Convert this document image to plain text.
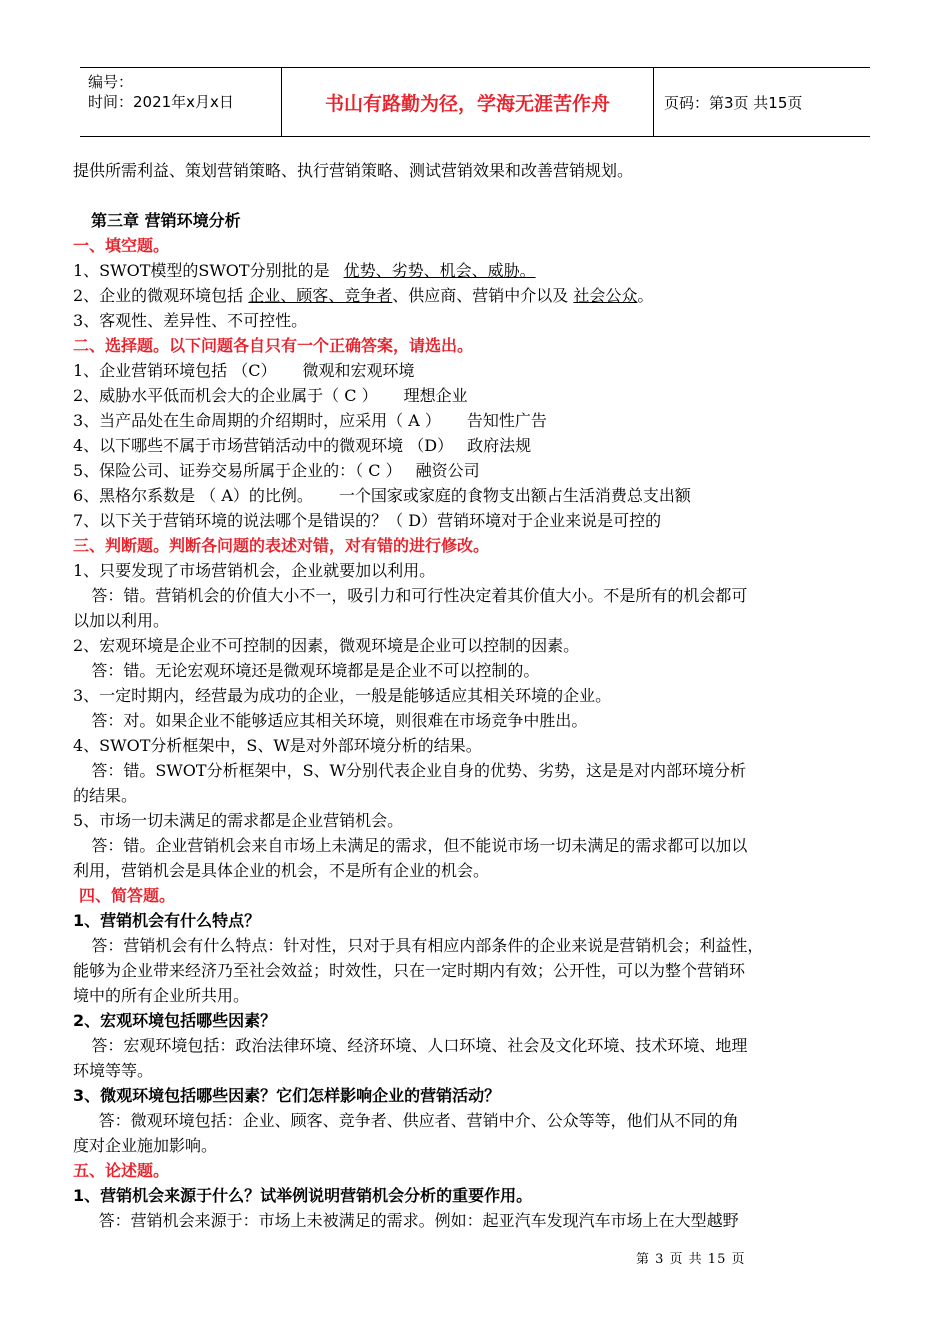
编号：
时间：2021年x月x日	书山有路勤为径，学海无涯苦作舟	页码：第3页 共15页
提供所需利益、策划营销策略、执行营销策略、测试营销效果和改善营销规划。
第三章 营销环境分析
一、填空题。
1、SWOT模型的SWOT分别批的是 优势、劣势、机会、威胁。
2、企业的微观环境包括 企业、顾客、竞争者、供应商、营销中介以及 社会公众。
3、客观性、差异性、不可控性。
二、选择题。以下问题各自只有一个正确答案，请选出。
1、企业营销环境包括 （C） 微观和宏观环境
2、威胁水平低而机会大的企业属于（ C ） 理想企业
3、当产品处在生命周期的介绍期时，应采用（ A ） 告知性广告
4、以下哪些不属于市场营销活动中的微观环境 （D） 政府法规
5、保险公司、证券交易所属于企业的：（ C ） 融资公司
6、黑格尔系数是 （ A）的比例。 一个国家或家庭的食物支出额占生活消费总支出额
7、以下关于营销环境的说法哪个是错误的？（ D）营销环境对于企业来说是可控的
三、判断题。判断各问题的表述对错，对有错的进行修改。
1、只要发现了市场营销机会，企业就要加以利用。
答：错。营销机会的价值大小不一，吸引力和可行性决定着其价值大小。不是所有的机会都可
以加以利用。
2、宏观环境是企业不可控制的因素，微观环境是企业可以控制的因素。
答：错。无论宏观环境还是微观环境都是是企业不可以控制的。
3、一定时期内，经营最为成功的企业，一般是能够适应其相关环境的企业。
答：对。如果企业不能够适应其相关环境，则很难在市场竞争中胜出。
4、SWOT分析框架中，S、W是对外部环境分析的结果。
答：错。SWOT分析框架中，S、W分别代表企业自身的优势、劣势，这是是对内部环境分析
的结果。
5、市场一切未满足的需求都是企业营销机会。
答：错。企业营销机会来自市场上未满足的需求，但不能说市场一切未满足的需求都可以加以
利用，营销机会是具体企业的机会，不是所有企业的机会。
四、简答题。
1、营销机会有什么特点？
答：营销机会有什么特点：针对性，只对于具有相应内部条件的企业来说是营销机会；利益性，
能够为企业带来经济乃至社会效益；时效性，只在一定时期内有效；公开性，可以为整个营销环
境中的所有企业所共用。
2、宏观环境包括哪些因素？
答：宏观环境包括：政治法律环境、经济环境、人口环境、社会及文化环境、技术环境、地理
环境等等。
3、微观环境包括哪些因素？它们怎样影响企业的营销活动？
答：微观环境包括：企业、顾客、竞争者、供应者、营销中介、公众等等，他们从不同的角
度对企业施加影响。
五、论述题。
1、营销机会来源于什么？试举例说明营销机会分析的重要作用。
答：营销机会来源于：市场上未被满足的需求。例如：起亚汽车发现汽车市场上在大型越野
第 3 页 共 15 页
